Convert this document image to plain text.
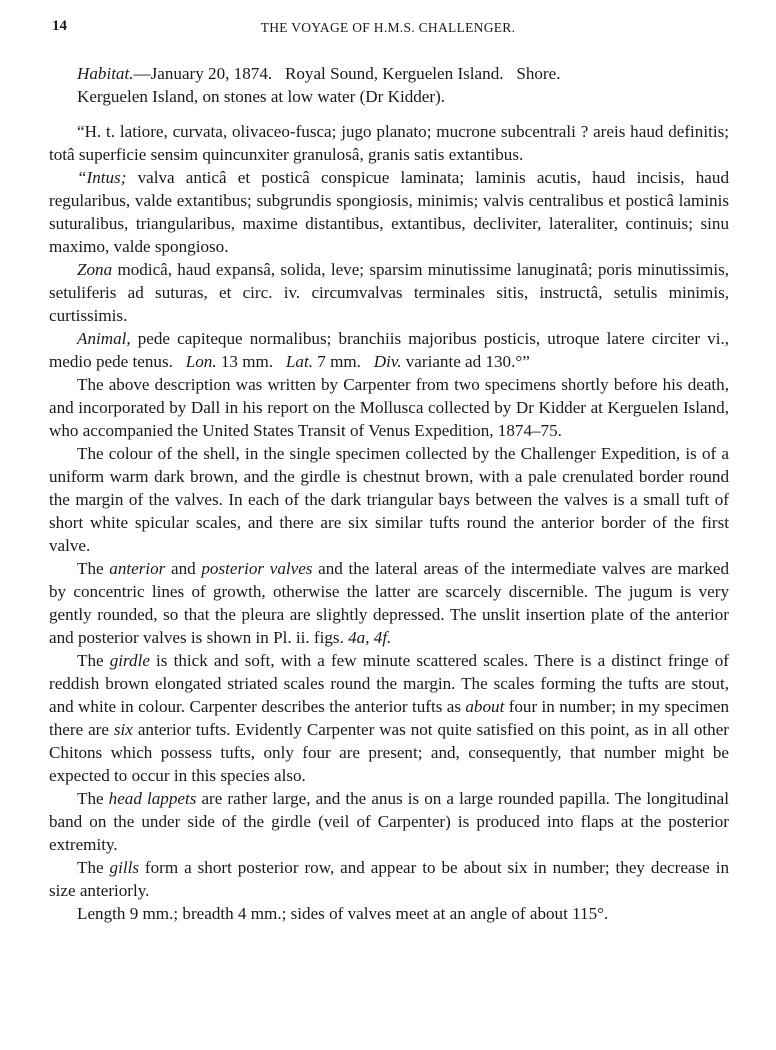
14	THE VOYAGE OF H.M.S. CHALLENGER.
Habitat.—January 20, 1874.   Royal Sound, Kerguelen Island.   Shore.
Kerguelen Island, on stones at low water (Dr Kidder).

“H. t. latiore, curvata, olivaceo-fusca; jugo planato; mucrone subcentrali ? areis haud definitis; totâ superficie sensim quincunxiter granulosâ, granis satis extantibus.

“Intus; valva anticâ et posticâ conspicue laminata; laminis acutis, haud incisis, haud regularibus, valde extantibus; subgrundis spongiosis, minimis; valvis centralibus et posticâ laminis suturalibus, triangularibus, maxime distantibus, extantibus, decliviter, lateraliter, continuis; sinu maximo, valde spongioso.

Zona modicâ, haud expansâ, solida, leve; sparsim minutissime lanuginatâ; poris minutissimis, setuliferis ad suturas, et circ. iv. circumvalvas terminales sitis, instructâ, setulis minimis, curtissimis.

Animal, pede capiteque normalibus; branchiis majoribus posticis, utroque latere circiter vi., medio pede tenus.   Lon. 13 mm.   Lat. 7 mm.   Div. variante ad 130.°”

The above description was written by Carpenter from two specimens shortly before his death, and incorporated by Dall in his report on the Mollusca collected by Dr Kidder at Kerguelen Island, who accompanied the United States Transit of Venus Expedition, 1874–75.

The colour of the shell, in the single specimen collected by the Challenger Expedition, is of a uniform warm dark brown, and the girdle is chestnut brown, with a pale crenulated border round the margin of the valves. In each of the dark triangular bays between the valves is a small tuft of short white spicular scales, and there are six similar tufts round the anterior border of the first valve.

The anterior and posterior valves and the lateral areas of the intermediate valves are marked by concentric lines of growth, otherwise the latter are scarcely discernible. The jugum is very gently rounded, so that the pleura are slightly depressed. The unslit insertion plate of the anterior and posterior valves is shown in Pl. ii. figs. 4a, 4f.

The girdle is thick and soft, with a few minute scattered scales. There is a distinct fringe of reddish brown elongated striated scales round the margin. The scales forming the tufts are stout, and white in colour. Carpenter describes the anterior tufts as about four in number; in my specimen there are six anterior tufts. Evidently Carpenter was not quite satisfied on this point, as in all other Chitons which possess tufts, only four are present; and, consequently, that number might be expected to occur in this species also.

The head lappets are rather large, and the anus is on a large rounded papilla. The longitudinal band on the under side of the girdle (veil of Carpenter) is produced into flaps at the posterior extremity.

The gills form a short posterior row, and appear to be about six in number; they decrease in size anteriorly.

Length 9 mm.; breadth 4 mm.; sides of valves meet at an angle of about 115°.
